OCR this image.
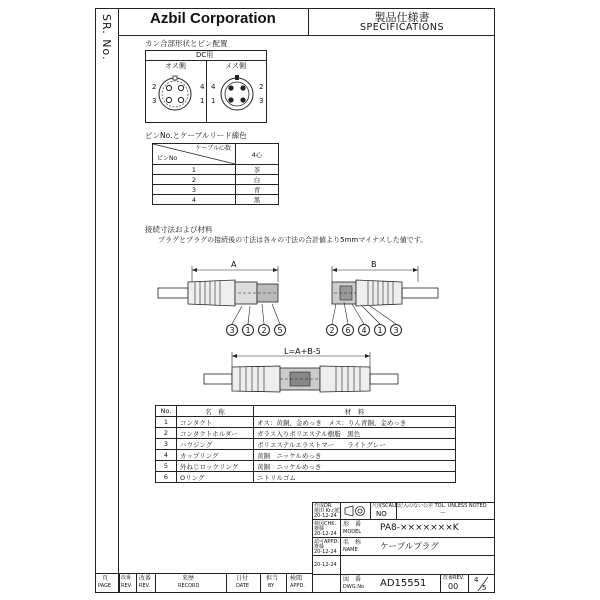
SR. No. Azbil Corporation	製品仕様書
SPECIFICATIONS
カン合部形状とピン配置
DC用
オス側	メス側
2	4
3	1
4	2
1	3
ピンNo.とケーブルリード線色
ケーブル心数
ピンNo	4心
1	茶
2	白
3	青
4	黒
接続寸法および材料
プラグとプラグの接続後の寸法は各々の寸法の合計値より5mmマイナスした値です。
A	B
L=A+B-5
3	1	2	5	2	6	4	1	3
No.	名　称	材　料
1	コンタクト	オス：黄銅、金めっき　メス：りん青銅、金めっき
2	コンタクトホルダー	ガラス入りポリエステル樹脂　黒色
3	ハウジング	ポリエステルエラストマー　　ライトグレー
4	カップリング	黄銅　ニッケルめっき
5	外ねじロックリング	黄銅　ニッケルめっき
6	Oリング	ニトリルゴム
作成DR.
蓮田 Kr.(蓮)
20-12-24
検図CHK.
齋藤
20-12-24
認可APPD.
齋藤
20-12-24
20-12-24
尺度SCALE
NO
記入のない公差 TOL. UNLESS NOTED
～
形　番
MODEL PA8-×××××××K
名　称
NAME	ケーブルプラグ
図　番
DWG.No AD15551	改番REV.
00
4
5
頁
PAGE
改番
REV.
改番
REV.
来歴
RECORD
日付
DATE
担当
BY
検閲
APPD.
